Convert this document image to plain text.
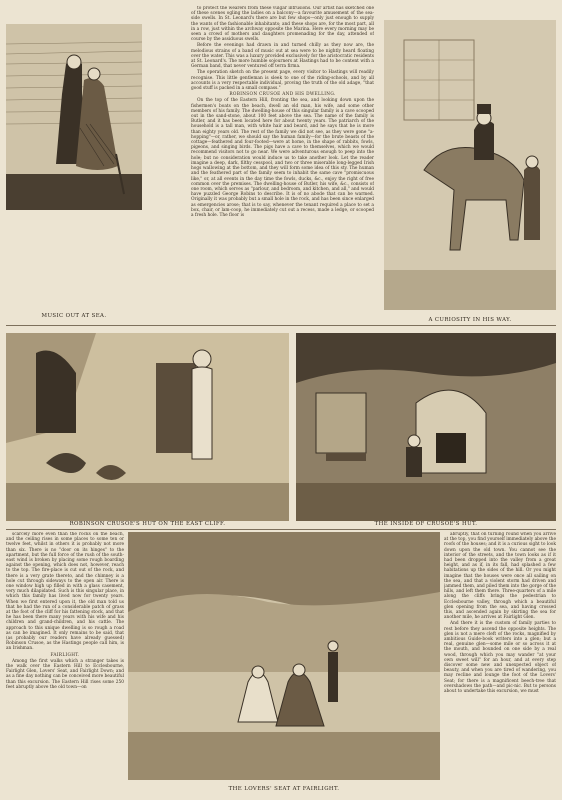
MUSIC OUT AT SEA.

to protect the wearers from these vulgar intrusions. Our artist has sketched one of these scenes ogling the ladies on a balcony—a favourite amusement of the sea-side swells. In St. Leonard's there are but few shops—only just enough to supply the wants of the fashionable inhabitants; and these shops are, for the most part, all in a row, just within the archway opposite the Marina. Here every morning may be seen a crowd of mothers and daughters promenading for the day, attended of course by the assiduous swells.

Before the evenings had drawn in and turned chilly as they now are, the melodious strains of a band of music out at sea were to be nightly heard floating over the water. This was a luxury provided exclusively for the aristocratic residents at St. Leonard's. The more humble sojourners at Hastings had to be content with a German band, that never ventured off terra firma.

The operation sketch on the present page, every visitor to Hastings will readily recognise. This little gentleman is sleek to one of the riding-schools, and by all accounts is a very respectable individual, proving the truth of the old adage, "that good stuff is packed in a small compass."

ROBINSON CRUSOE AND HIS DWELLING.

On the top of the Eastern Hill, fronting the sea, and looking down upon the fishermen's boats on the beach, dwell an old man, his wife, and some other members of his family. The dwelling-house of this singular family is a cave scooped out in the sand-stone, about 100 feet above the sea. The name of the family is Butler, and it has been located here for about twenty years. The patriarch of the household is a tall man, with white hair and beard, and he says that he is more than eighty years old. The rest of the family we did not see, as they were gone "a-hopping"—or, rather, we should say the human family—for the brute beasts of the cottage—feathered and four-footed—were at home, in the shape of rabbits, fowls, pigeons, and singing birds. The pigs have a cave to themselves, which we would recommend visitors not to go near. We were adventurous enough to peep into the hole; but no consideration would induce us to take another look. Let the reader imagine a deep, dark, filthy cesspool, and two or three miserable long-legged Irish hogs wallowing at the bottom, and they will form some idea of this sty. The human and the feathered part of the family seem to inhabit the same cave "promiscuous like," or, at all events in the day time the fowls, ducks, &c., enjoy the right of free common over the premises. The dwelling-house of Butler, his wife, &c., consists of one room, which serves as "parlour, and bedroom, and kitchen, and all," and would have puzzled George Robins to describe. It is of no abode that can be warmed. Originally it was probably but a small hole in the rock, and has been since enlarged as emergencies arose; that is to say, whenever the tenant required a place to set a box, chair, or lam-coop, he immediately cut out a recess, made a ledge, or scooped a fresh hole. The floor is

A CURIOSITY IN HIS WAY.
ROBINSON CRUSOE'S HUT ON THE EAST CLIFF.	THE INSIDE OF CRUSOE'S HUT.

scarcely more even than the rocks on the beach, and the ceiling rises in some places to some ten or twelve feet, whilst in others it is probably not more than six. There is no "door on its hinges" to the apartment, but the full force of the rush of the south-east wind is broken by placing some rough boarding against the opening, which does not, however, reach to the top. The fire-place is cut out of the rock, and there is a very grate thereto, and the chimney is a hole cut through sideways to the open air. There is one window high up filled in with a glass casement, very much dilapidated. Such is this singular place, in which this family has lived now for twenty years. When we first entered upon it, the old man told us that he had the run of a considerable patch of grass at the foot of the cliff for his fattening stock, and that he has been there many years with his wife and his children and grand-children, and his cattle. The approach to this unique dwelling is so rough a road as can be imagined. It only remains to be said, that (as probably our readers have already guessed) Robinson Crusoe, as the Hastings people call him, is an Irishman.

FAIRLIGHT.

Among the first walks which a stranger takes is the walk over the Eastern Hill to Ecclesbourne, Fairlight Glen, Lovers' Seat, and Fairlight Down; and as a fine day nothing can be conceived more beautiful than this excursion. The Eastern Hill rises some 250 feet abruptly above the old town—on

THE LOVERS' SEAT AT FAIRLIGHT.

abruptly, that on turning round when you arrive at the top, you find yourself immediately above the roofs of the houses; and it is a curious sight to look down upon the old town. You cannot see the interior of the streets, and the town looks as if it had been dropped into the valley from a great height, and as if, in its fall, had splashed a few habitations up the sides of the hill. Or you might imagine that the houses were once all sailing on the sea, and that a violent storm had driven and jammed them, and piled them into the gorge of the hills, and left them there. Three-quarters of a mile along the cliffs brings the pedestrian to Ecclesbourne valley, through which a beautiful glen opening from the sea, and having crossed this, and ascended again by skirting the sea for another mile, he arrives at Fairlight Glen.

And there it is the custom of family parties to rest before they ascend the opposite heights. The glen is not a mere cleft of the rocks, magnified by ambitious Guide-book writers into a glen; but a real, genuine glen—some mile or so across it at the mouth, and bounded on one side by a real wood, through which you may wander "at your own sweet will" for an hour, and at every step discover some new and unexpected object of beauty, and when you are tired of wandering, you may recline and lounge the foot of the Lovers' Seat; for there is a magnificent beech-tree that overshadows the path—and pic-nic. But to persons about to undertake this excursion, we must
